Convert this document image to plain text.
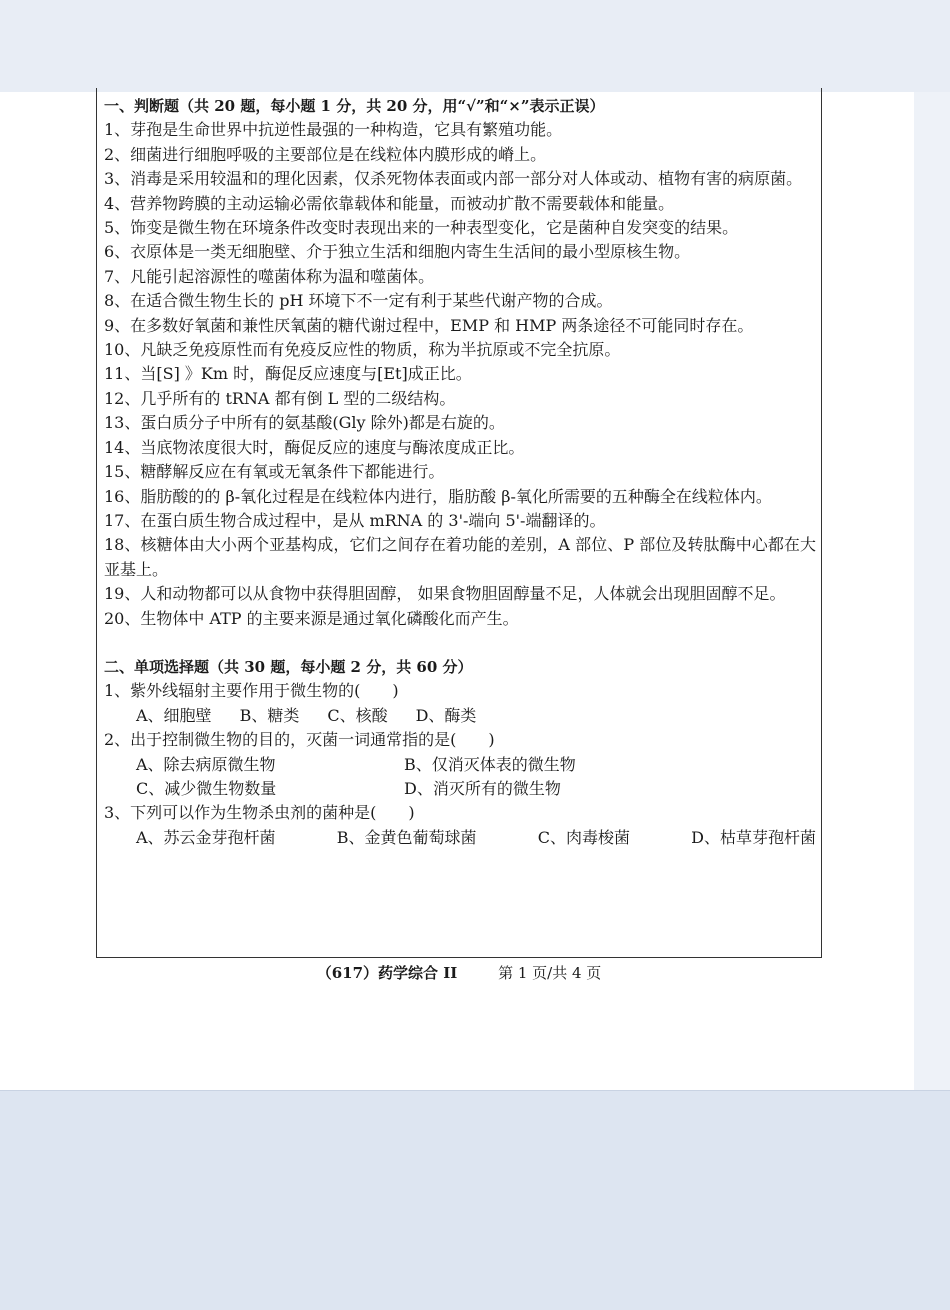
一、判断题（共 20 题，每小题 1 分，共 20 分，用“√”和“×”表示正误）
1、芽孢是生命世界中抗逆性最强的一种构造，它具有繁殖功能。
2、细菌进行细胞呼吸的主要部位是在线粒体内膜形成的嵴上。
3、消毒是采用较温和的理化因素，仅杀死物体表面或内部一部分对人体或动、植物有害的病原菌。
4、营养物跨膜的主动运输必需依靠载体和能量，而被动扩散不需要载体和能量。
5、饰变是微生物在环境条件改变时表现出来的一种表型变化，它是菌种自发突变的结果。
6、衣原体是一类无细胞壁、介于独立生活和细胞内寄生生活间的最小型原核生物。
7、凡能引起溶源性的噬菌体称为温和噬菌体。
8、在适合微生物生长的 pH 环境下不一定有利于某些代谢产物的合成。
9、在多数好氧菌和兼性厌氧菌的糖代谢过程中，EMP 和 HMP 两条途径不可能同时存在。
10、凡缺乏免疫原性而有免疫反应性的物质，称为半抗原或不完全抗原。
11、当[S] 》Km 时，酶促反应速度与[Et]成正比。
12、几乎所有的 tRNA 都有倒 L 型的二级结构。
13、蛋白质分子中所有的氨基酸(Gly 除外)都是右旋的。
14、当底物浓度很大时，酶促反应的速度与酶浓度成正比。
15、糖酵解反应在有氧或无氧条件下都能进行。
16、脂肪酸的的 β-氧化过程是在线粒体内进行，脂肪酸 β-氧化所需要的五种酶全在线粒体内。
17、在蛋白质生物合成过程中，是从 mRNA 的 3'-端向 5'-端翻译的。
18、核糖体由大小两个亚基构成，它们之间存在着功能的差别，A 部位、P 部位及转肽酶中心都在大亚基上。
19、人和动物都可以从食物中获得胆固醇， 如果食物胆固醇量不足，人体就会出现胆固醇不足。
20、生物体中 ATP 的主要来源是通过氧化磷酸化而产生。
二、单项选择题（共 30 题，每小题 2 分，共 60 分）
1、紫外线辐射主要作用于微生物的(　　)
A、细胞壁 B、糖类 C、核酸 D、酶类
2、出于控制微生物的目的，灭菌一词通常指的是(　　)
A、除去病原微生物	B、仅消灭体表的微生物
C、减少微生物数量	D、消灭所有的微生物
3、下列可以作为生物杀虫剂的菌种是(　　)
A、苏云金芽孢杆菌	B、金黄色葡萄球菌	C、肉毒梭菌	D、枯草芽孢杆菌
（617）药学综合 II	第 1 页/共 4 页
